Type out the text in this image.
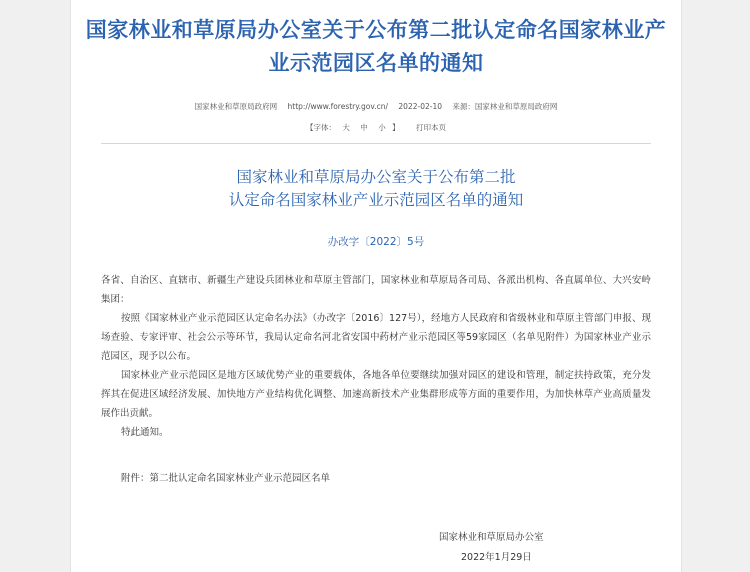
国家林业和草原局办公室关于公布第二批认定命名国家林业产
业示范园区名单的通知
国家林业和草原局政府网 http://www.forestry.gov.cn/ 2022-02-10 来源：国家林业和草原局政府网
【字体： 大 中 小 】 打印本页
国家林业和草原局办公室关于公布第二批
认定命名国家林业产业示范园区名单的通知
办改字〔2022〕5号

各省、自治区、直辖市、新疆生产建设兵团林业和草原主管部门，国家林业和草原局各司局、各派出机构、各直属单位、大兴安岭集团：

按照《国家林业产业示范园区认定命名办法》（办改字〔2016〕127号），经地方人民政府和省级林业和草原主管部门申报、现场查验、专家评审、社会公示等环节，我局认定命名河北省安国中药材产业示范园区等59家园区（名单见附件）为国家林业产业示范园区，现予以公布。

国家林业产业示范园区是地方区域优势产业的重要载体，各地各单位要继续加强对园区的建设和管理，制定扶持政策，充分发挥其在促进区域经济发展、加快地方产业结构优化调整、加速高新技术产业集群形成等方面的重要作用，为加快林草产业高质量发展作出贡献。

特此通知。

附件：第二批认定命名国家林业产业示范园区名单
国家林业和草原局办公室
2022年1月29日
